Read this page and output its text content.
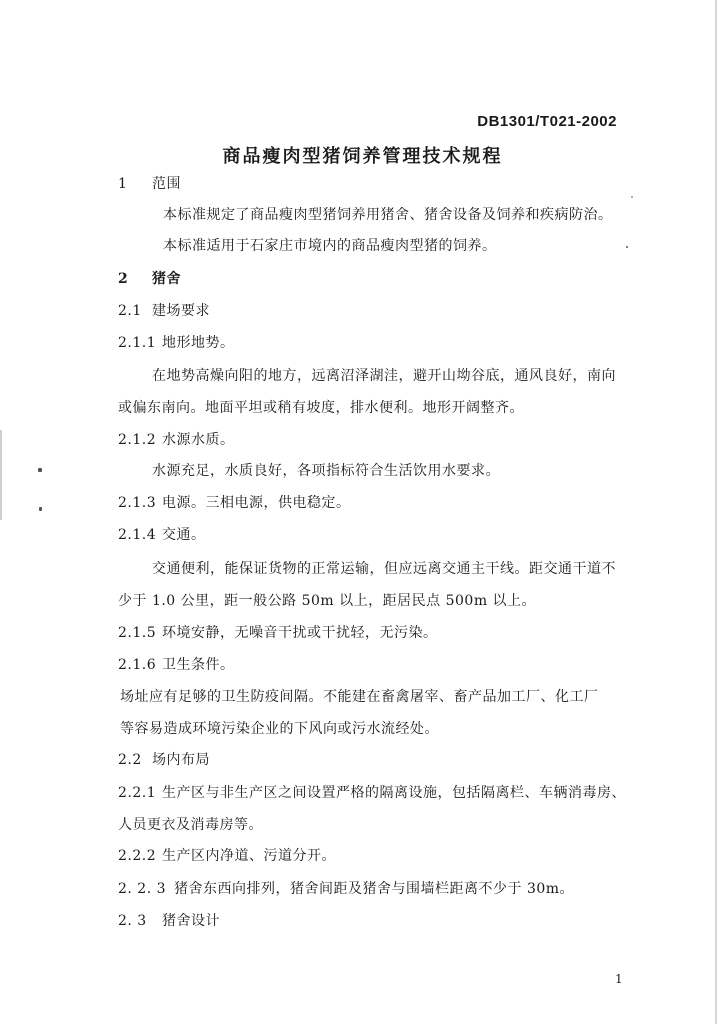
DB1301/T021-2002
商品瘦肉型猪饲养管理技术规程
1 范围
本标准规定了商品瘦肉型猪饲养用猪舍、猪舍设备及饲养和疾病防治。
本标准适用于石家庄市境内的商品瘦肉型猪的饲养。
2 猪舍
2.1 建场要求
2.1.1 地形地势。
在地势高燥向阳的地方，远离沼泽湖洼，避开山坳谷底，通风良好，南向
或偏东南向。地面平坦或稍有坡度，排水便利。地形开阔整齐。
2.1.2 水源水质。
水源充足，水质良好，各项指标符合生活饮用水要求。
2.1.3 电源。三相电源，供电稳定。
2.1.4 交通。
交通便利，能保证货物的正常运输，但应远离交通主干线。距交通干道不
少于 1.0 公里，距一般公路 50m 以上，距居民点 500m 以上。
2.1.5 环境安静，无噪音干扰或干扰轻，无污染。
2.1.6 卫生条件。
场址应有足够的卫生防疫间隔。不能建在畜禽屠宰、畜产品加工厂、化工厂
等容易造成环境污染企业的下风向或污水流经处。
2.2 场内布局
2.2.1 生产区与非生产区之间设置严格的隔离设施，包括隔离栏、车辆消毒房、
人员更衣及消毒房等。
2.2.2 生产区内净道、污道分开。
2. 2. 3 猪舍东西向排列，猪舍间距及猪舍与围墙栏距离不少于 30m。
2. 3 猪舍设计
1
